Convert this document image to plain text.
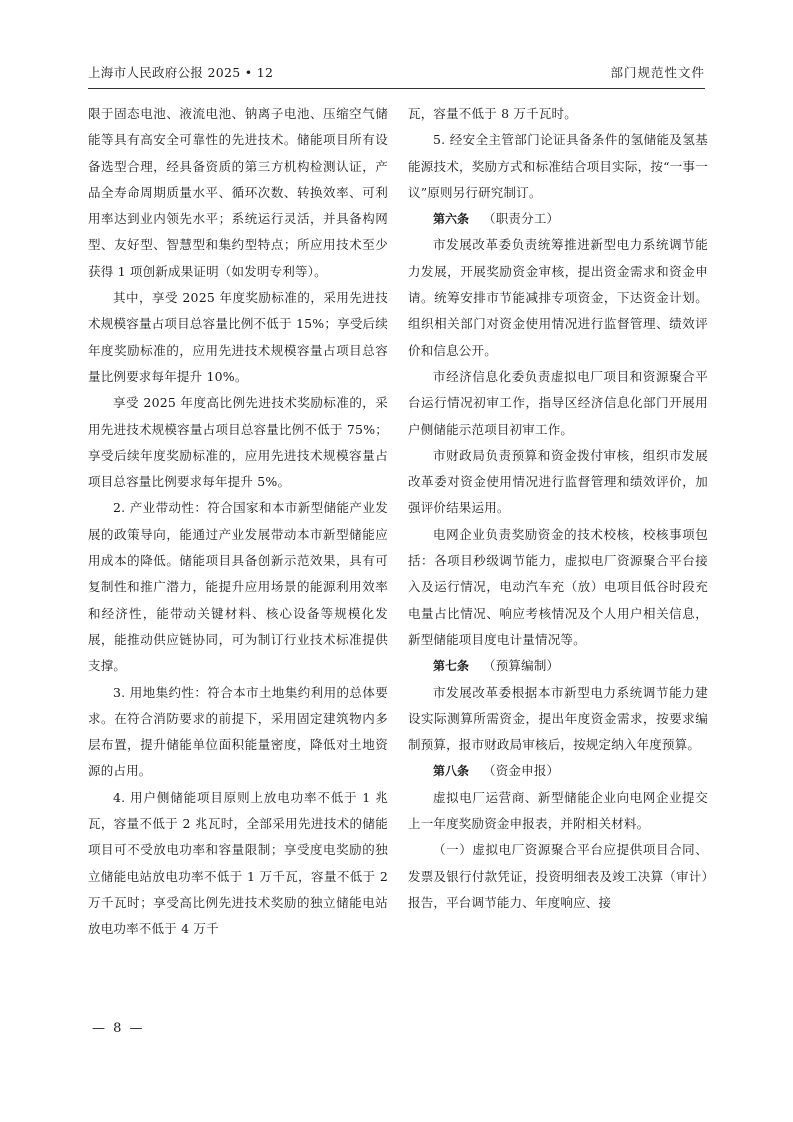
上海市人民政府公报 2025 • 12	部门规范性文件

限于固态电池、液流电池、钠离子电池、压缩空气储能等具有高安全可靠性的先进技术。储能项目所有设备选型合理，经具备资质的第三方机构检测认证，产品全寿命周期质量水平、循环次数、转换效率、可利用率达到业内领先水平；系统运行灵活，并具备构网型、友好型、智慧型和集约型特点；所应用技术至少获得 1 项创新成果证明（如发明专利等）。

其中，享受 2025 年度奖励标准的，采用先进技术规模容量占项目总容量比例不低于 15%；享受后续年度奖励标准的，应用先进技术规模容量占项目总容量比例要求每年提升 10%。

享受 2025 年度高比例先进技术奖励标准的，采用先进技术规模容量占项目总容量比例不低于 75%；享受后续年度奖励标准的，应用先进技术规模容量占项目总容量比例要求每年提升 5%。

2. 产业带动性：符合国家和本市新型储能产业发展的政策导向，能通过产业发展带动本市新型储能应用成本的降低。储能项目具备创新示范效果，具有可复制性和推广潜力，能提升应用场景的能源利用效率和经济性，能带动关键材料、核心设备等规模化发展，能推动供应链协同，可为制订行业技术标准提供支撑。

3. 用地集约性：符合本市土地集约利用的总体要求。在符合消防要求的前提下，采用固定建筑物内多层布置，提升储能单位面积能量密度，降低对土地资源的占用。

4. 用户侧储能项目原则上放电功率不低于 1 兆瓦，容量不低于 2 兆瓦时，全部采用先进技术的储能项目可不受放电功率和容量限制；享受度电奖励的独立储能电站放电功率不低于 1 万千瓦，容量不低于 2 万千瓦时；享受高比例先进技术奖励的独立储能电站放电功率不低于 4 万千

瓦，容量不低于 8 万千瓦时。

5. 经安全主管部门论证具备条件的氢储能及氢基能源技术，奖励方式和标准结合项目实际，按“一事一议”原则另行研究制订。

第六条 （职责分工）

市发展改革委负责统筹推进新型电力系统调节能力发展，开展奖励资金审核，提出资金需求和资金申请。统筹安排市节能减排专项资金，下达资金计划。组织相关部门对资金使用情况进行监督管理、绩效评价和信息公开。

市经济信息化委负责虚拟电厂项目和资源聚合平台运行情况初审工作，指导区经济信息化部门开展用户侧储能示范项目初审工作。

市财政局负责预算和资金拨付审核，组织市发展改革委对资金使用情况进行监督管理和绩效评价，加强评价结果运用。

电网企业负责奖励资金的技术校核，校核事项包括：各项目秒级调节能力，虚拟电厂资源聚合平台接入及运行情况，电动汽车充（放）电项目低谷时段充电量占比情况、响应考核情况及个人用户相关信息，新型储能项目度电计量情况等。

第七条 （预算编制）

市发展改革委根据本市新型电力系统调节能力建设实际测算所需资金，提出年度资金需求，按要求编制预算，报市财政局审核后，按规定纳入年度预算。

第八条 （资金申报）

虚拟电厂运营商、新型储能企业向电网企业提交上一年度奖励资金申报表，并附相关材料。

（一）虚拟电厂资源聚合平台应提供项目合同、发票及银行付款凭证，投资明细表及竣工决算（审计）报告，平台调节能力、年度响应、接

— 8 —
